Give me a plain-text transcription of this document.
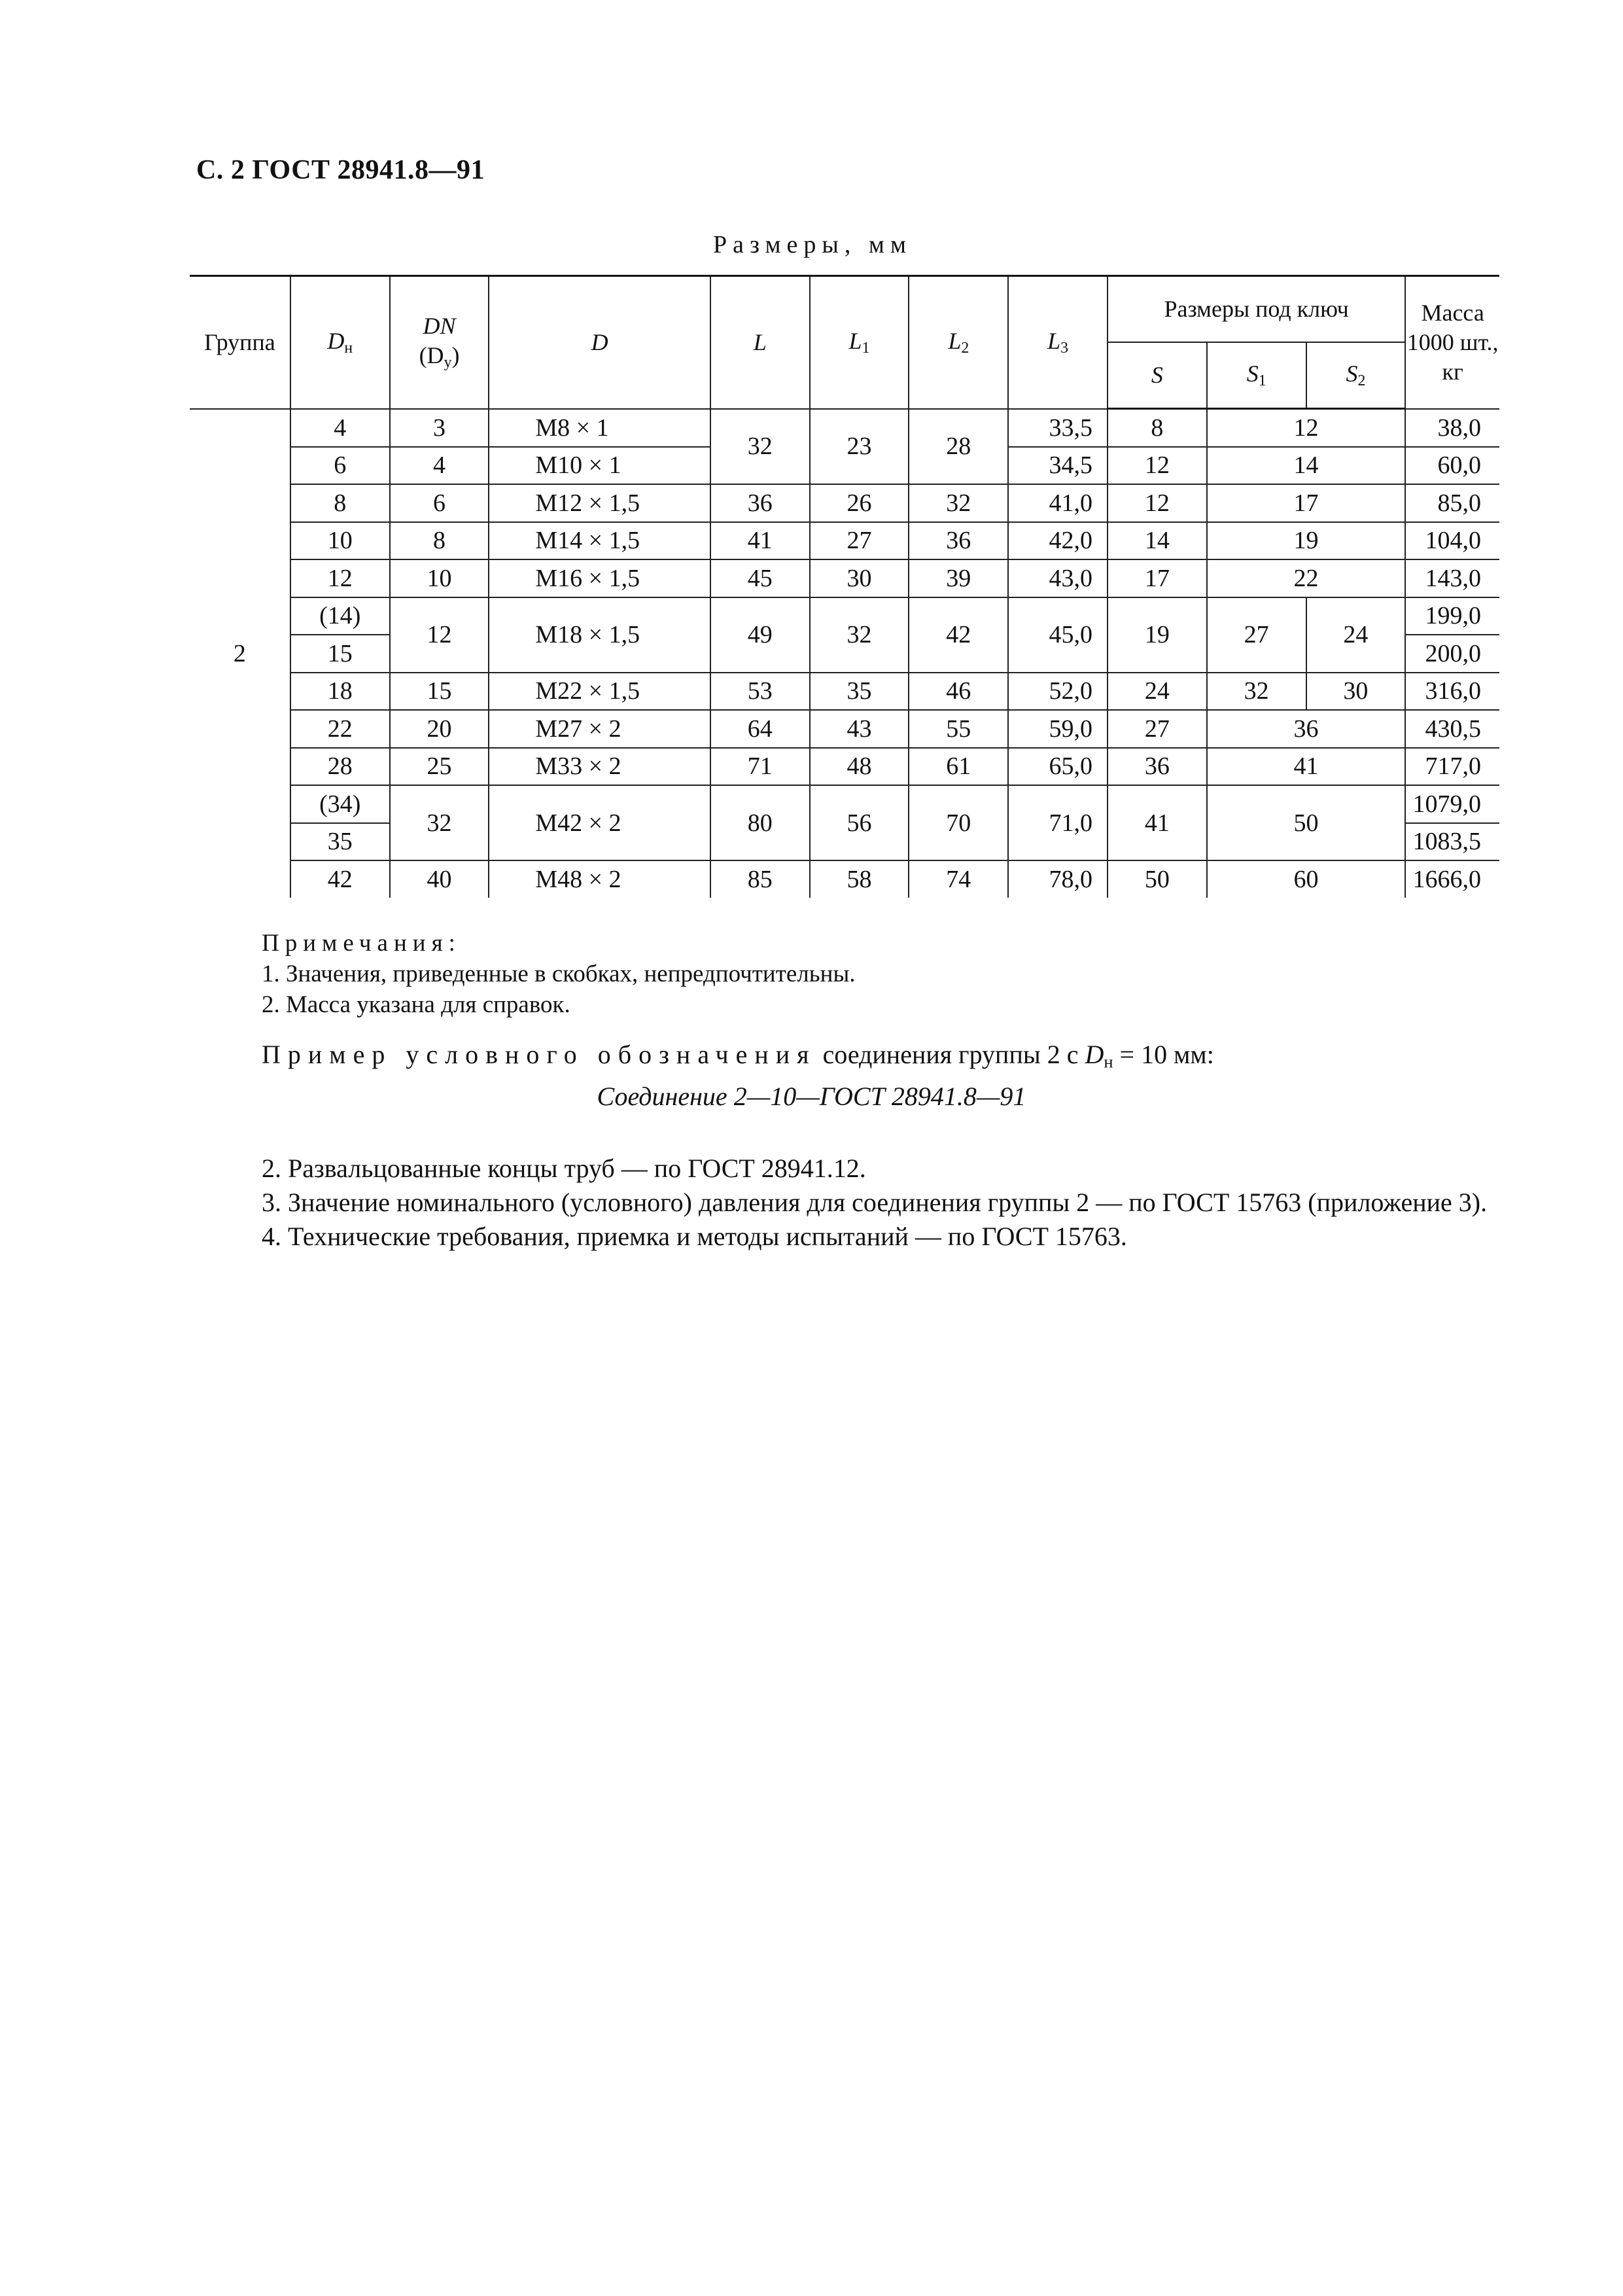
С. 2 ГОСТ 28941.8—91
Размеры, мм
Группа	$D_н$	DN
$(D_у)$	D	L	$L_1$	$L_2$	$L_3$	Размеры под ключ			Масса
1000 шт.,
кг
								S	$S_1$	$S_2$
2	4	3	M8 × 1	32	23	28	33,5	8	12		38,0
	6	4	M10 × 1				34,5	12	14		60,0
	8	6	M12 × 1,5	36	26	32	41,0	12	17		85,0
	10	8	M14 × 1,5	41	27	36	42,0	14	19		104,0
	12	10	M16 × 1,5	45	30	39	43,0	17	22		143,0
	(14)	12	M18 × 1,5	49	32	42	45,0	19	27	24	199,0
	15										200,0
	18	15	M22 × 1,5	53	35	46	52,0	24	32	30	316,0
	22	20	M27 × 2	64	43	55	59,0	27	36		430,5
	28	25	M33 × 2	71	48	61	65,0	36	41		717,0
	(34)	32	M42 × 2	80	56	70	71,0	41	50		1079,0
	35										1083,5
	42	40	M48 × 2	85	58	74	78,0	50	60		1666,0
Примечания:
1. Значения, приведенные в скобках, непредпочтительны.
2. Масса указана для справок.
Пример условного обозначения соединения группы 2 с $D_н = 10$ мм:
Соединение 2—10—ГОСТ 28941.8—91

2. Развальцованные концы труб — по ГОСТ 28941.12.

3. Значение номинального (условного) давления для соединения группы 2 — по ГОСТ 15763 (приложение 3).

4. Технические требования, приемка и методы испытаний — по ГОСТ 15763.
